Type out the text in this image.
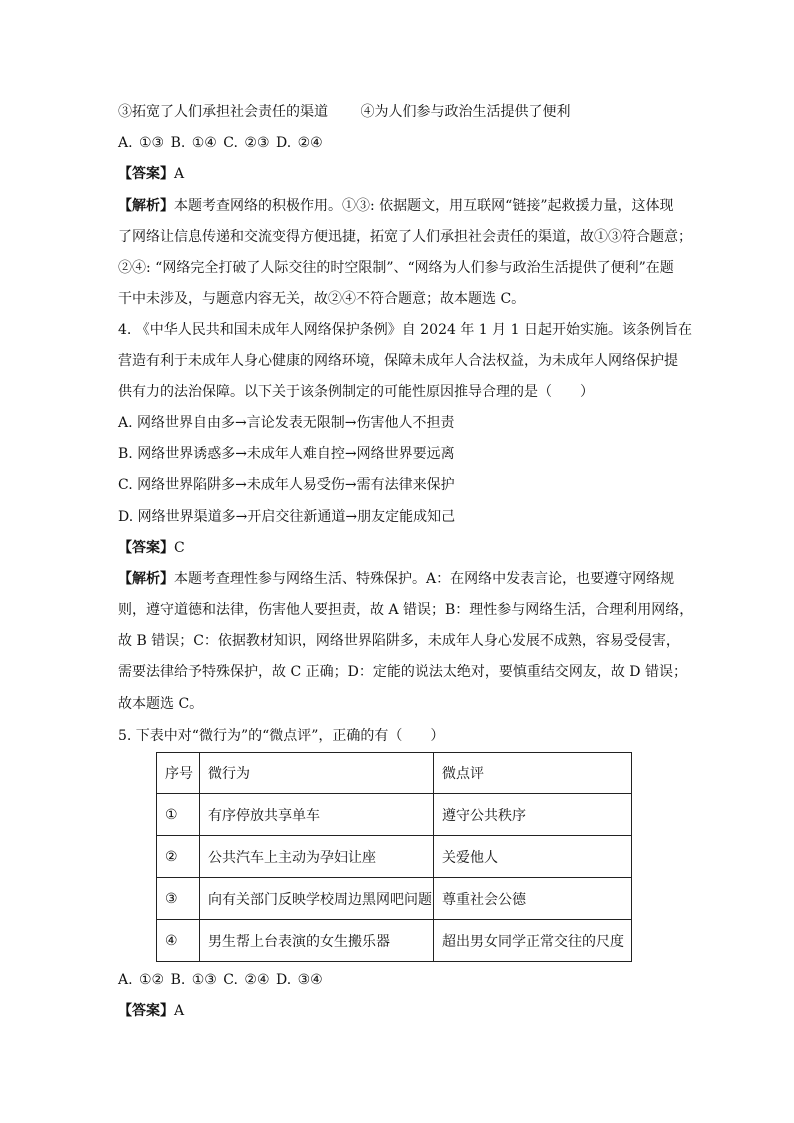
③拓宽了人们承担社会责任的渠道 　　④为人们参与政治生活提供了便利
A. ①③ B. ①④ C. ②③ D. ②④
【答案】A
【解析】本题考查网络的积极作用。①③: 依据题文，用互联网“链接”起救援力量，这体现
了网络让信息传递和交流变得方便迅捷，拓宽了人们承担社会责任的渠道，故①③符合题意；
②④: “网络完全打破了人际交往的时空限制”、“网络为人们参与政治生活提供了便利”在题
干中未涉及，与题意内容无关，故②④不符合题意；故本题选 C。
4. 《中华人民共和国未成年人网络保护条例》自 2024 年 1 月 1 日起开始实施。该条例旨在
营造有利于未成年人身心健康的网络环境，保障未成年人合法权益，为未成年人网络保护提
供有力的法治保障。以下关于该条例制定的可能性原因推导合理的是（　　）
A. 网络世界自由多→言论发表无限制→伤害他人不担责
B. 网络世界诱惑多→未成年人难自控→网络世界要远离
C. 网络世界陷阱多→未成年人易受伤→需有法律来保护
D. 网络世界渠道多→开启交往新通道→朋友定能成知己
【答案】C
【解析】本题考查理性参与网络生活、特殊保护。A：在网络中发表言论，也要遵守网络规
则，遵守道德和法律，伤害他人要担责，故 A 错误；B：理性参与网络生活，合理利用网络，
故 B 错误；C：依据教材知识，网络世界陷阱多，未成年人身心发展不成熟，容易受侵害，
需要法律给予特殊保护，故 C 正确；D：定能的说法太绝对，要慎重结交网友，故 D 错误；
故本题选 C。
5. 下表中对“微行为”的“微点评”，正确的有（　　）
序号	微行为	微点评
①	有序停放共享单车	遵守公共秩序
②	公共汽车上主动为孕妇让座	关爱他人
③	向有关部门反映学校周边黑网吧问题	尊重社会公德
④	男生帮上台表演的女生搬乐器	超出男女同学正常交往的尺度
A. ①② B. ①③ C. ②④ D. ③④
【答案】A
